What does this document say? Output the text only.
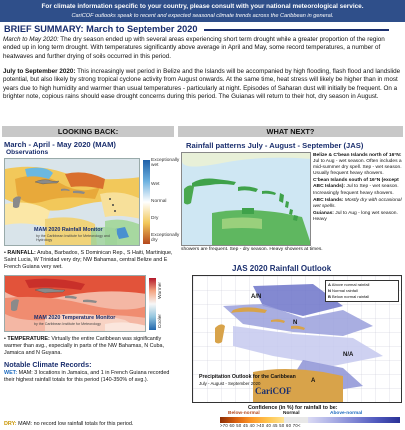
For climate information specific to your country, please consult with your national meteorological service.
CariCOF outlooks speak to recent and expected seasonal climate trends across the Caribbean in general.
BRIEF SUMMARY: March to September 2020
March to May 2020: The dry season ended up with several areas experiencing short term drought while a greater proportion of the region ended up in long term drought. With temperatures significantly above average in April and May, some record temperatures, a number of heatwaves and further drying of soils occurred in this period.
July to September 2020: This increasingly wet period in Belize and the Islands will be accompanied by high flooding, flash flood and landslide potential, but also likely by strong tropical cyclone activity from August onwards. At the same time, heat stress will likely be higher than in most years due to high humidity and warmer than usual temperatures - particularly at night. Episodes of Saharan dust will initially be frequent. On a brighter note, copious rains should ease drought concerns during this period. The Guianas will return to their hot, dry season in August.
LOOKING BACK:	WHAT NEXT?
March - April - May 2020 (MAM)
Observations
MAM 2020 Rainfall Monitor
by the Caribbean Institute for Meteorology and Hydrology
Exceptionally wet
Wet
Normal
Dry
Exceptionally dry
• RAINFALL: Aruba, Barbados, S Dominican Rep., S Haiti, Martinique, Saint Lucia, W Trinidad very dry; NW Bahamas, central Belize and E French Guiana very wet.
MAM 2020 Temperature Monitor
by the Caribbean Institute for Meteorology
Warmer
Cooler
• TEMPERATURE: Virtually the entire Caribbean was significantly warmer than avg., especially in parts of the NW Bahamas, N Cuba, Jamaica and N Guyana.
Notable Climate Records:
WET: MAM: 3 locations in Jamaica, and 1 in French Guiana recorded their highest rainfall totals for this period (140-350% of avg.).
DRY: MAM: no record low rainfall totals for this period.
Rainfall patterns July - August - September (JAS)
Belize & C'bean Islands north of 16°N: Jul to Aug - wet season. Often includes a mid-summer dry spell. Sep - wet season. Usually frequent heavy showers.
C'bean Islands south of 16°N (except ABC Islands): Jul to Sep - wet season. Increasingly frequent heavy showers.
ABC Islands: Mostly dry with occasional wet spells.
Guianas: Jul to Aug - long wet season. Heavy
showers are frequent. Sep - dry season. Heavy showers at times.
JAS 2020 Rainfall Outlook
A/N
N
N/A
A
A Above normal rainfall
N Normal rainfall
B Below normal rainfall
Precipitation Outlook for the Caribbean
July - August - September 2020
CariCOF
Confidence (in %) for rainfall to be:
Below-normal	Normal	Above-normal
>70 60 50 45 40 >40 40 45 50 60 70<
